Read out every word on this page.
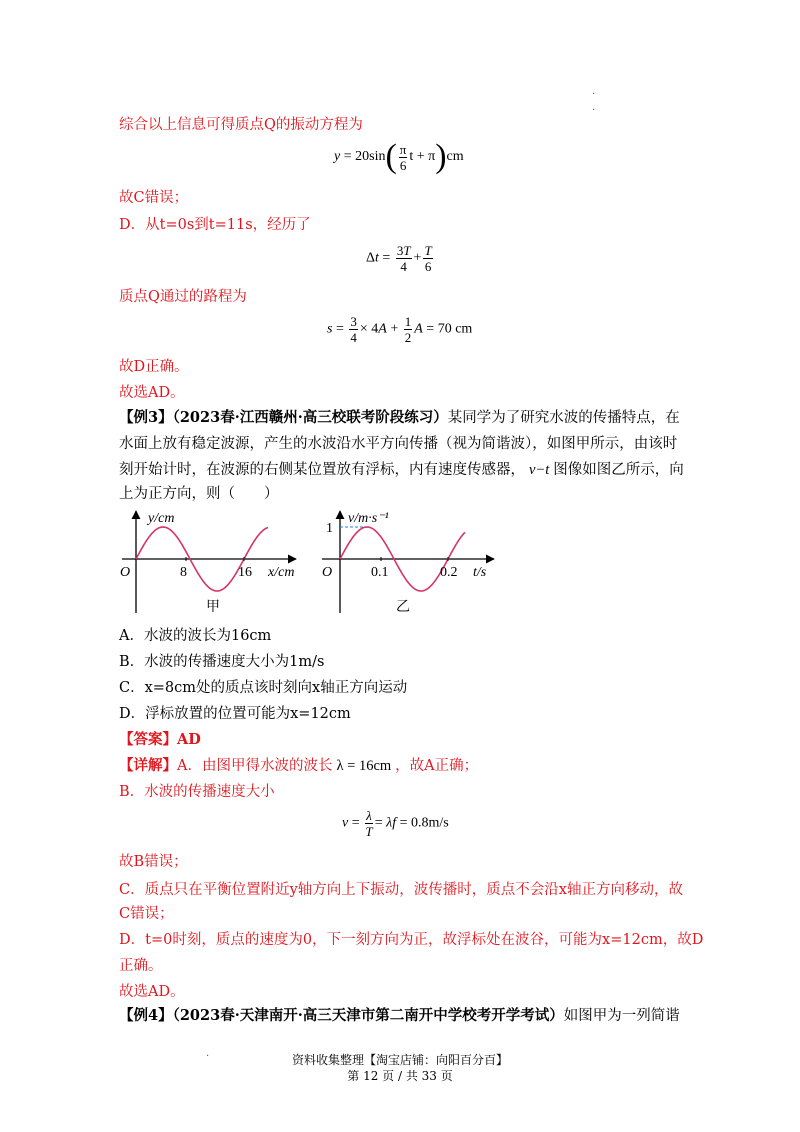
.
.
综合以上信息可得质点Q的振动方程为
$y = 20\sin( \frac{\pi}{6}$ t + π)cm
故C错误；
D．从t=0s到t=11s，经历了
$\Delta t = \frac{3T}{4} + \frac{T}{6}$
质点Q通过的路程为
$s = \frac{3}{4} \times 4A + \frac{1}{2}$ A = 70 cm
故D正确。
故选AD。
【例3】（2023春·江西赣州·高三校联考阶段练习）某同学为了研究水波的传播特点，在
水面上放有稳定波源，产生的水波沿水平方向传播（视为简谐波），如图甲所示，由该时
刻开始计时，在波源的右侧某位置放有浮标，内有速度传感器， v−t 图像如图乙所示，向
上为正方向，则（　　）
y/cm
O	8	16 x/cm
甲
v/m·s⁻¹
1
O	0.1	0.2 t/s
乙
A．水波的波长为16cm
B．水波的传播速度大小为1m/s
C．x=8cm处的质点该时刻向x轴正方向运动
D．浮标放置的位置可能为x=12cm
【答案】AD
【详解】A．由图甲得水波的波长 λ = 16cm ，故A正确；
B．水波的传播速度大小
$v = \frac{\lambda}{T} = \lambda f = 0.8m/s$
故B错误；
C．质点只在平衡位置附近y轴方向上下振动，波传播时，质点不会沿x轴正方向移动，故
C错误；
D．t=0时刻，质点的速度为0，下一刻方向为正，故浮标处在波谷，可能为x=12cm，故D
正确。
故选AD。
【例4】（2023春·天津南开·高三天津市第二南开中学校考开学考试）如图甲为一列简谐
.	资料收集整理【淘宝店铺：向阳百分百】
第 12 页 / 共 33 页
